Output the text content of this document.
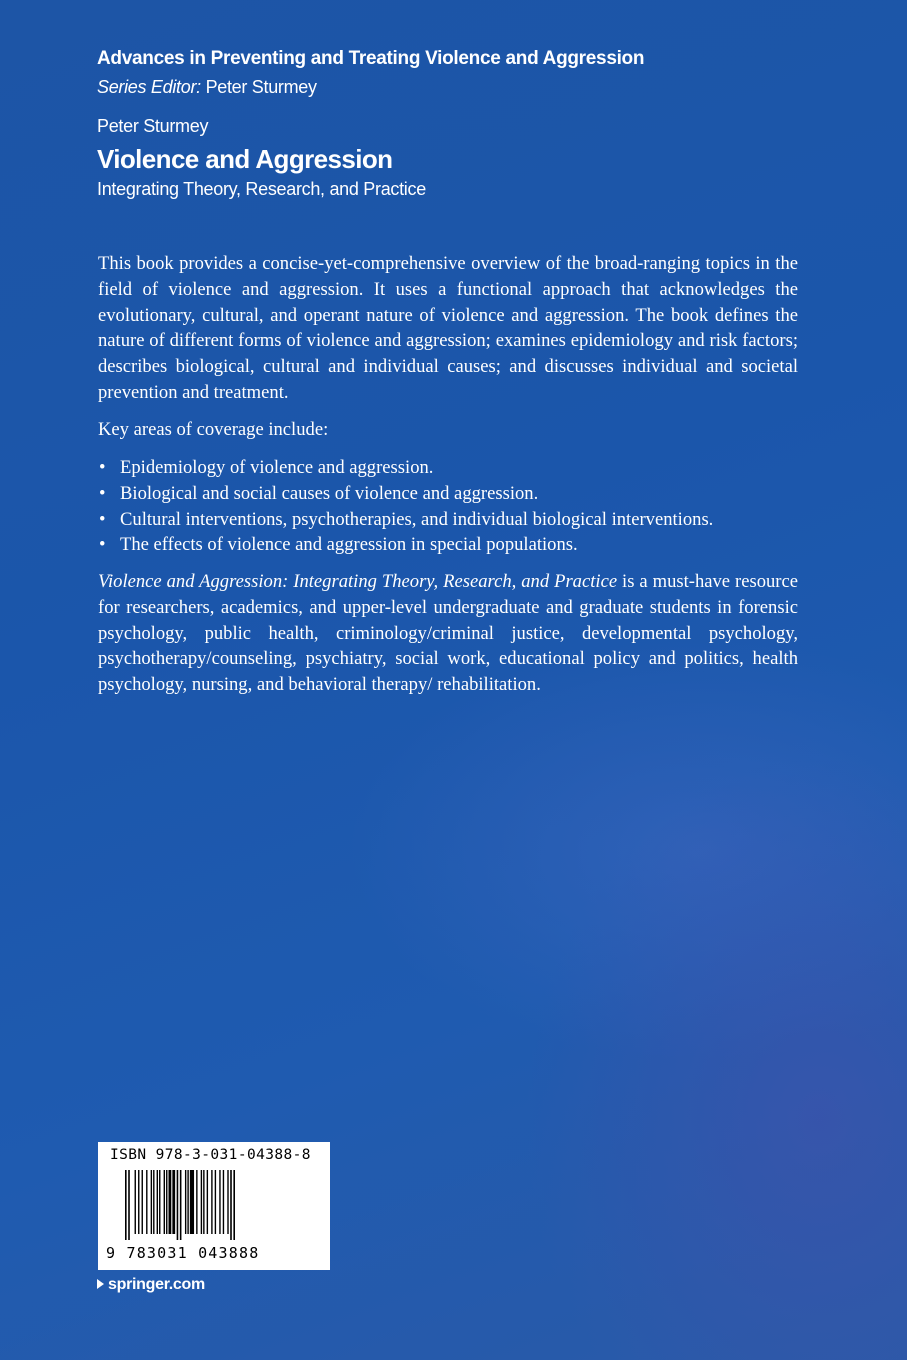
Advances in Preventing and Treating Violence and Aggression
Series Editor: Peter Sturmey
Peter Sturmey
Violence and Aggression
Integrating Theory, Research, and Practice
This book provides a concise-yet-comprehensive overview of the broad-ranging topics in the field of violence and aggression. It uses a functional approach that acknowledges the evolutionary, cultural, and operant nature of violence and aggression. The book defines the nature of different forms of violence and aggression; examines epidemiology and risk factors; describes biological, cultural and individual causes; and discusses individual and societal prevention and treatment.
Key areas of coverage include:
• Epidemiology of violence and aggression.
• Biological and social causes of violence and aggression.
• Cultural interventions, psychotherapies, and individual biological interventions.
• The effects of violence and aggression in special populations.
Violence and Aggression: Integrating Theory, Research, and Practice is a must-have resource for researchers, academics, and upper-level undergraduate and graduate students in forensic psychology, public health, criminology/criminal justice, developmental psychology, psychotherapy/counseling, psychiatry, social work, educational policy and politics, health psychology, nursing, and behavioral therapy/ rehabilitation.
ISBN 978-3-031-04388-8
9 783031 043888
springer.com
